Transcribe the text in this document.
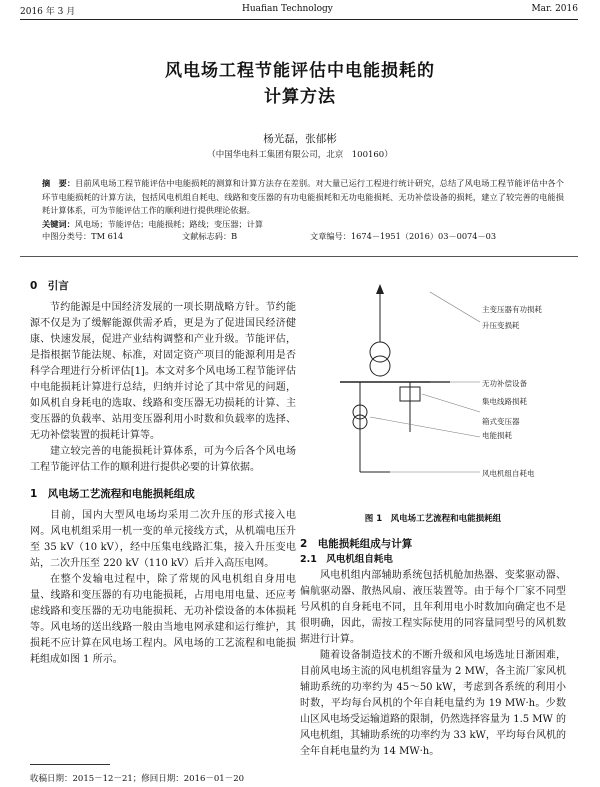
2016 年 3 月	Huafian Technology	Mar. 2016
风电场工程节能评估中电能损耗的
计算方法
杨光磊，张郁彬
（中国华电科工集团有限公司，北京　100160）
摘　要：目前风电场工程节能评估中电能损耗的测算和计算方法存在差别。对大量已运行工程进行统计研究，总结了风电场工程节能评估中各个环节电能损耗的计算方法，包括风电机组自耗电、线路和变压器的有功电能损耗和无功电能损耗、无功补偿设备的损耗，建立了较完善的电能损耗计算体系，可为节能评估工作的顺利进行提供理论依据。
关键词：风电场；节能评估；电能损耗；路线；变压器；计算
中图分类号：TM 614	文献标志码：B	文章编号：1674－1951（2016）03－0074－03
0　引言

节约能源是中国经济发展的一项长期战略方针。节约能源不仅是为了缓解能源供需矛盾，更是为了促进国民经济健康、快速发展，促进产业结构调整和产业升级。节能评估，是指根据节能法规、标准，对固定资产项目的能源利用是否科学合理进行分析评估[1]。本文对多个风电场工程节能评估中电能损耗计算进行总结，归纳并讨论了其中常见的问题，如风机自身耗电的选取、线路和变压器无功损耗的计算、主变压器的负载率、站用变压器利用小时数和负载率的选择、无功补偿装置的损耗计算等。

建立较完善的电能损耗计算体系，可为今后各个风电场工程节能评估工作的顺利进行提供必要的计算依据。

1　风电场工艺流程和电能损耗组成

目前，国内大型风电场均采用二次升压的形式接入电网。风电机组采用一机一变的单元接线方式，从机端电压升至 35 kV（10 kV），经中压集电线路汇集，接入升压变电站，二次升压至 220 kV（110 kV）后并入高压电网。

在整个发输电过程中，除了常规的风电机组自身用电量、线路和变压器的有功电能损耗，占用电用电量、还应考虑线路和变压器的无功电能损耗、无功补偿设备的本体损耗等。风电场的送出线路一般由当地电网承建和运行维护，其损耗不应计算在风电场工程内。风电场的工艺流程和电能损耗组成如图 1 所示。

主变压器有功损耗
升压变损耗
无功补偿设备
集电线路损耗
箱式变压器
电能损耗
风电机组自耗电
图 1　风电场工艺流程和电能损耗组
2　电能损耗组成与计算
2.1　风电机组自耗电

风电机组内部辅助系统包括机舱加热器、变桨驱动器、偏航驱动器、散热风扇、液压装置等。由于每个厂家不同型号风机的自身耗电不同，且年利用电小时数加向确定也不是很明确，因此，需按工程实际使用的同容量同型号的风机数据进行计算。

随着设备制造技术的不断升级和风电场选址日渐困难，目前风电场主流的风电机组容量为 2 MW，各主流厂家风机辅助系统的功率约为 45～50 kW，考虑到各系统的利用小时数，平均每台风机的个年自耗电量约为 19 MW·h。少数山区风电场受运输道路的限制，仍然选择容量为 1.5 MW 的风电机组，其辅助系统的功率约为 33 kW，平均每台风机的全年自耗电量约为 14 MW·h。

收稿日期：2015－12－21；修回日期：2016－01－20
